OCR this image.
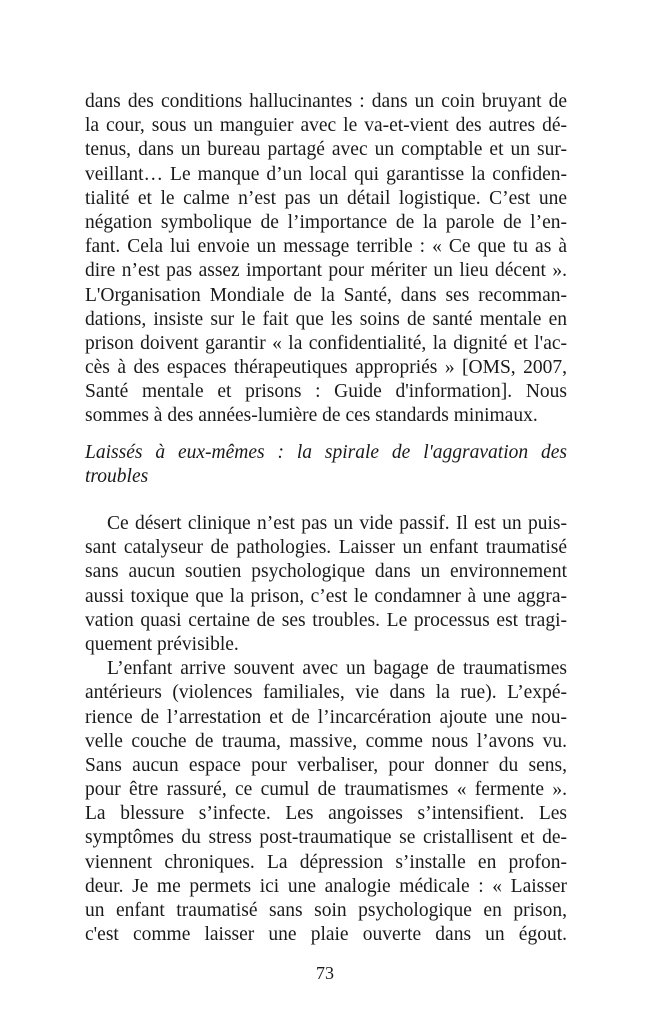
dans des conditions hallucinantes : dans un coin bruyant de
la cour, sous un manguier avec le va-et-vient des autres dé-
tenus, dans un bureau partagé avec un comptable et un sur-
veillant… Le manque d’un local qui garantisse la confiden-
tialité et le calme n’est pas un détail logistique. C’est une
négation symbolique de l’importance de la parole de l’en-
fant. Cela lui envoie un message terrible : « Ce que tu as à
dire n’est pas assez important pour mériter un lieu décent ».
L'Organisation Mondiale de la Santé, dans ses recomman-
dations, insiste sur le fait que les soins de santé mentale en
prison doivent garantir « la confidentialité, la dignité et l'ac-
cès à des espaces thérapeutiques appropriés » [OMS, 2007,
Santé mentale et prisons : Guide d'information]. Nous
sommes à des années-lumière de ces standards minimaux.
Laissés à eux-mêmes : la spirale de l'aggravation des
troubles
Ce désert clinique n’est pas un vide passif. Il est un puis-
sant catalyseur de pathologies. Laisser un enfant traumatisé
sans aucun soutien psychologique dans un environnement
aussi toxique que la prison, c’est le condamner à une aggra-
vation quasi certaine de ses troubles. Le processus est tragi-
quement prévisible.
L’enfant arrive souvent avec un bagage de traumatismes
antérieurs (violences familiales, vie dans la rue). L’expé-
rience de l’arrestation et de l’incarcération ajoute une nou-
velle couche de trauma, massive, comme nous l’avons vu.
Sans aucun espace pour verbaliser, pour donner du sens,
pour être rassuré, ce cumul de traumatismes « fermente ».
La blessure s’infecte. Les angoisses s’intensifient. Les
symptômes du stress post-traumatique se cristallisent et de-
viennent chroniques. La dépression s’installe en profon-
deur. Je me permets ici une analogie médicale : « Laisser
un enfant traumatisé sans soin psychologique en prison,
c'est comme laisser une plaie ouverte dans un égout.
73
